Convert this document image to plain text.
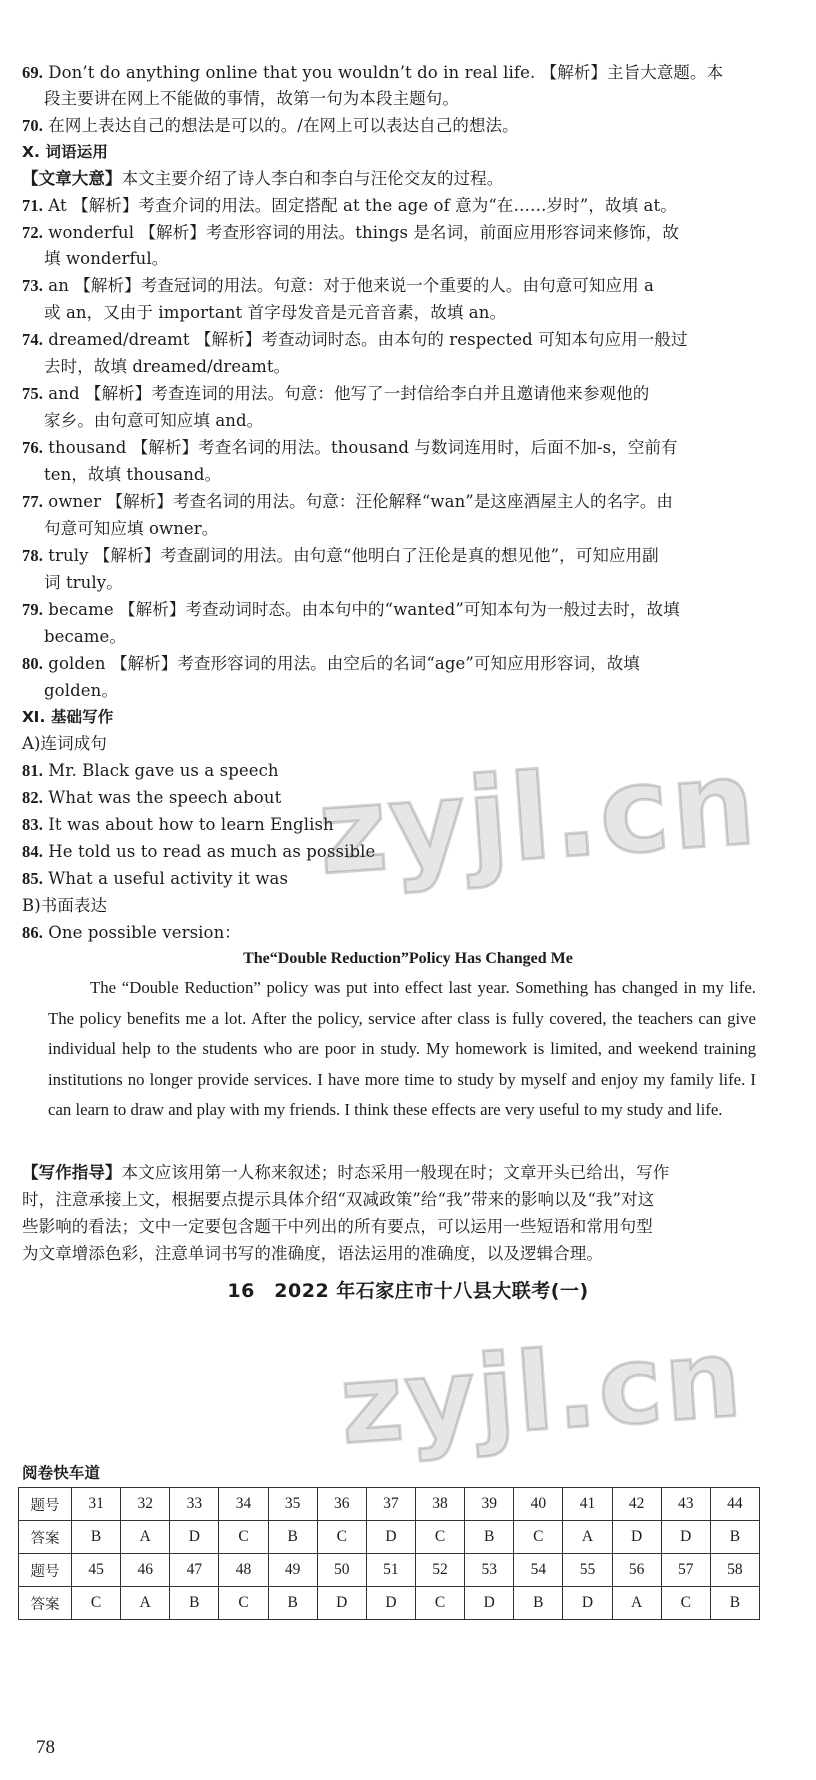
69. Don’t do anything online that you wouldn’t do in real life. 【解析】主旨大意题。本
段主要讲在网上不能做的事情，故第一句为本段主题句。
70. 在网上表达自己的想法是可以的。/在网上可以表达自己的想法。
Ⅹ. 词语运用
【文章大意】本文主要介绍了诗人李白和李白与汪伦交友的过程。
71. At 【解析】考查介词的用法。固定搭配 at the age of 意为“在……岁时”，故填 at。
72. wonderful 【解析】考查形容词的用法。things 是名词，前面应用形容词来修饰，故
填 wonderful。
73. an 【解析】考查冠词的用法。句意：对于他来说一个重要的人。由句意可知应用 a
或 an，又由于 important 首字母发音是元音音素，故填 an。
74. dreamed/dreamt 【解析】考查动词时态。由本句的 respected 可知本句应用一般过
去时，故填 dreamed/dreamt。
75. and 【解析】考查连词的用法。句意：他写了一封信给李白并且邀请他来参观他的
家乡。由句意可知应填 and。
76. thousand 【解析】考查名词的用法。thousand 与数词连用时，后面不加-s，空前有
ten，故填 thousand。
77. owner 【解析】考查名词的用法。句意：汪伦解释“wan”是这座酒屋主人的名字。由
句意可知应填 owner。
78. truly 【解析】考查副词的用法。由句意“他明白了汪伦是真的想见他”，可知应用副
词 truly。
79. became 【解析】考查动词时态。由本句中的“wanted”可知本句为一般过去时，故填
became。
80. golden 【解析】考查形容词的用法。由空后的名词“age”可知应用形容词，故填
golden。
Ⅺ. 基础写作
A)连词成句
81. Mr. Black gave us a speech
82. What was the speech about
83. It was about how to learn English
84. He told us to read as much as possible
85. What a useful activity it was
B)书面表达
86. One possible version：
The“Double Reduction”Policy Has Changed Me
The “Double Reduction” policy was put into effect last year. Something has changed in my life. The policy benefits me a lot. After the policy, service after class is fully covered, the teachers can give individual help to the students who are poor in study. My homework is limited, and weekend training institutions no longer provide services. I have more time to study by myself and enjoy my family life. I can learn to draw and play with my friends. I think these effects are very useful to my study and life.
【写作指导】本文应该用第一人称来叙述；时态采用一般现在时；文章开头已给出，写作
时，注意承接上文，根据要点提示具体介绍“双减政策”给“我”带来的影响以及“我”对这
些影响的看法；文中一定要包含题干中列出的所有要点，可以运用一些短语和常用句型
为文章增添色彩，注意单词书写的准确度，语法运用的准确度，以及逻辑合理。
16　2022 年石家庄市十八县大联考(一)
阅卷快车道
题号	31	32	33	34	35	36	37	38	39	40	41	42	43	44
答案	B	A	D	C	B	C	D	C	B	C	A	D	D	B
题号	45	46	47	48	49	50	51	52	53	54	55	56	57	58
答案	C	A	B	C	B	D	D	C	D	B	D	A	C	B
78
zyjl.cn
zyjl.cn
